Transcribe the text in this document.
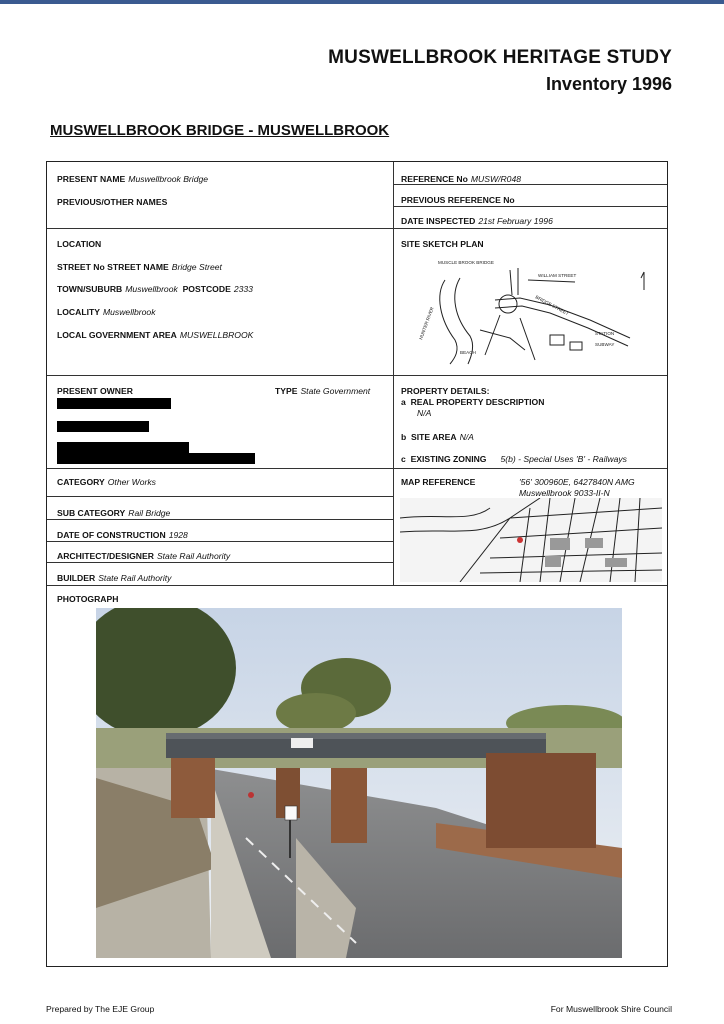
MUSWELLBROOK HERITAGE STUDY
Inventory 1996
MUSWELLBROOK BRIDGE - MUSWELLBROOK
PRESENT NAME Muswellbrook Bridge
PREVIOUS/OTHER NAMES
REFERENCE No MUSW/R048
PREVIOUS REFERENCE No
DATE INSPECTED 21st February 1996
LOCATION
STREET No STREET NAME Bridge Street
TOWN/SUBURB Muswellbrook POSTCODE 2333
LOCALITY Muswellbrook
LOCAL GOVERNMENT AREA MUSWELLBROOK
SITE SKETCH PLAN
PRESENT OWNER	TYPE State Government	PROPERTY DETAILS:
a REAL PROPERTY DESCRIPTION
N/A
b SITE AREA N/A
c EXISTING ZONING 5(b) - Special Uses 'B' - Railways
CATEGORY Other Works
SUB CATEGORY Rail Bridge
DATE OF CONSTRUCTION 1928
ARCHITECT/DESIGNER State Rail Authority
BUILDER State Rail Authority
MAP REFERENCE	'56' 300960E, 6427840N AMG
Muswellbrook 9033-II-N
PHOTOGRAPH
MUSCLE BROOK BRIDGE
WILLIAM STREET
BRIDGE STREET
STATION
SUBWAY
HUNTER RIVER
BEACH
Prepared by The EJE Group	For Muswellbrook Shire Council
